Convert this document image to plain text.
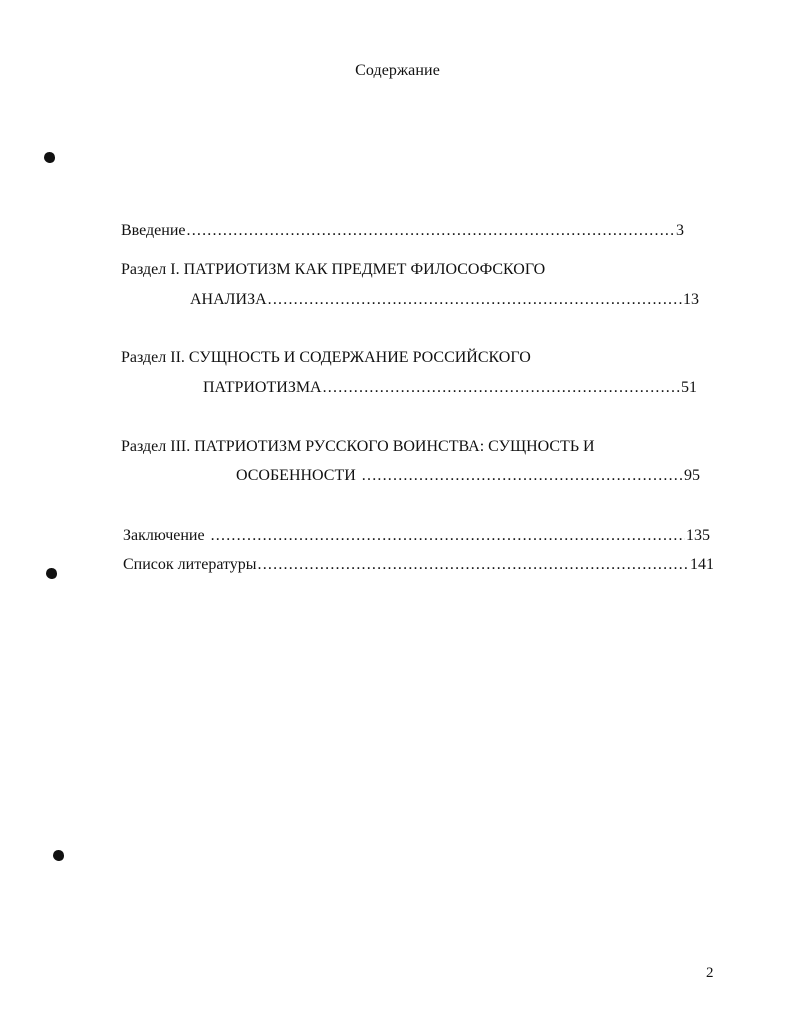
Содержание
Введение .....	3
Раздел I. ПАТРИОТИЗМ КАК ПРЕДМЕТ ФИЛОСОФСКОГО
АНАЛИЗА .....	13
Раздел II. СУЩНОСТЬ И СОДЕРЖАНИЕ РОССИЙСКОГО
ПАТРИОТИЗМА .....	51
Раздел III. ПАТРИОТИЗМ РУССКОГО ВОИНСТВА: СУЩНОСТЬ И
ОСОБЕННОСТИ .....	95
Заключение .....	135
Список литературы .....	141
2
